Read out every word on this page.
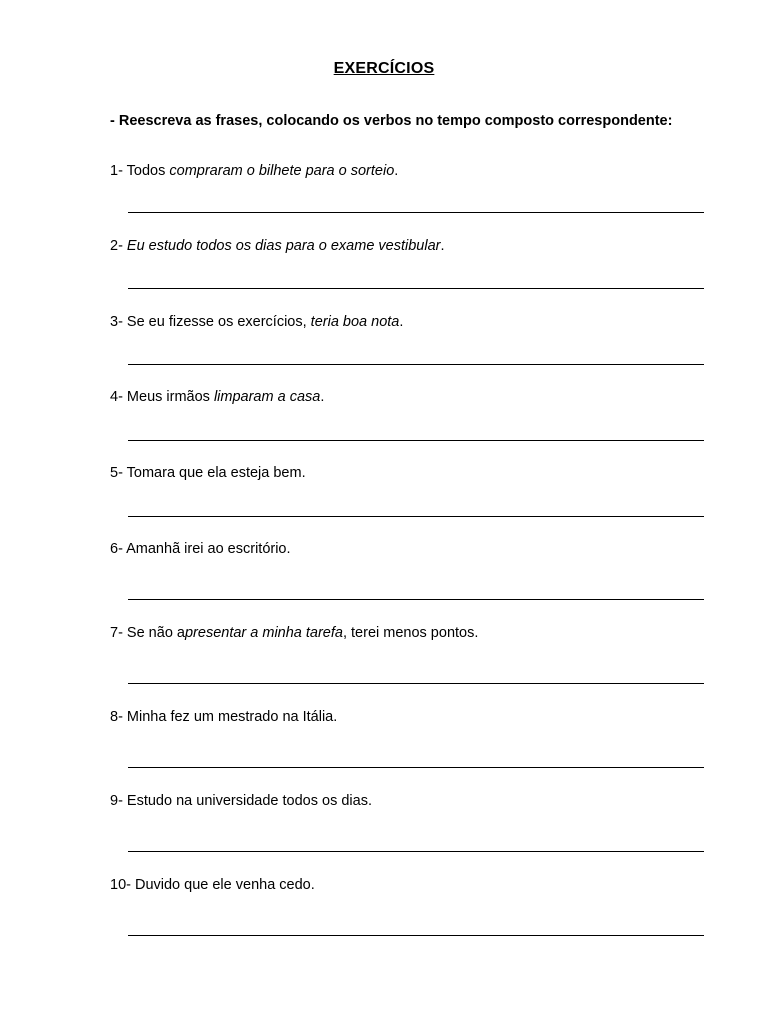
EXERCÍCIOS
- Reescreva as frases, colocando os verbos no tempo composto correspondente:
1- Todos compraram o bilhete para o sorteio.
2- Eu estudo todos os dias para o exame vestibular.
3- Se eu fizesse os exercícios, teria boa nota.
4- Meus irmãos limparam a casa.
5- Tomara que ela esteja bem.
6- Amanhã irei ao escritório.
7- Se não apresentar a minha tarefa, terei menos pontos.
8- Minha fez um mestrado na Itália.
9- Estudo na universidade todos os dias.
10- Duvido que ele venha cedo.
